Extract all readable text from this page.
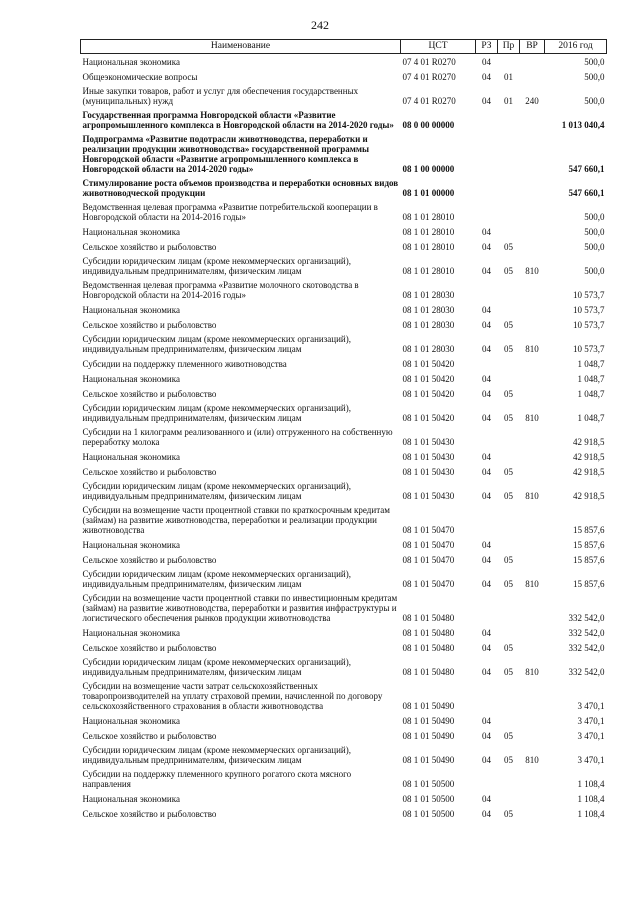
242
Наименование	ЦСТ	РЗ	Пр	ВР	2016 год
Национальная экономика	07 4 01 R0270	04			500,0
Общеэкономические вопросы	07 4 01 R0270	04	01		500,0
Иные закупки товаров, работ и услуг для обеспечения государственных (муниципальных) нужд	07 4 01 R0270	04	01	240	500,0
Государственная программа Новгородской области «Развитие агропромышленного комплекса в Новгородской области на 2014-2020 годы»	08 0 00 00000				1 013 040,4
Подпрограмма «Развитие подотрасли животноводства, переработки и реализации продукции животноводства» государственной программы Новгородской области «Развитие агропромышленного комплекса в Новгородской области на 2014-2020 годы»	08 1 00 00000				547 660,1
Стимулирование роста объемов производства и переработки основных видов животноводческой продукции	08 1 01 00000				547 660,1
Ведомственная целевая программа «Развитие потребительской кооперации в Новгородской области на 2014-2016 годы»	08 1 01 28010				500,0
Национальная экономика	08 1 01 28010	04			500,0
Сельское хозяйство и рыболовство	08 1 01 28010	04	05		500,0
Субсидии юридическим лицам (кроме некоммерческих организаций), индивидуальным предпринимателям, физическим лицам	08 1 01 28010	04	05	810	500,0
Ведомственная целевая программа «Развитие молочного скотоводства в Новгородской области на 2014-2016 годы»	08 1 01 28030				10 573,7
Национальная экономика	08 1 01 28030	04			10 573,7
Сельское хозяйство и рыболовство	08 1 01 28030	04	05		10 573,7
Субсидии юридическим лицам (кроме некоммерческих организаций), индивидуальным предпринимателям, физическим лицам	08 1 01 28030	04	05	810	10 573,7
Субсидии на поддержку племенного животноводства	08 1 01 50420				1 048,7
Национальная экономика	08 1 01 50420	04			1 048,7
Сельское хозяйство и рыболовство	08 1 01 50420	04	05		1 048,7
Субсидии юридическим лицам (кроме некоммерческих организаций), индивидуальным предпринимателям, физическим лицам	08 1 01 50420	04	05	810	1 048,7
Субсидии на 1 килограмм реализованного и (или) отгруженного на собственную переработку молока	08 1 01 50430				42 918,5
Национальная экономика	08 1 01 50430	04			42 918,5
Сельское хозяйство и рыболовство	08 1 01 50430	04	05		42 918,5
Субсидии юридическим лицам (кроме некоммерческих организаций), индивидуальным предпринимателям, физическим лицам	08 1 01 50430	04	05	810	42 918,5
Субсидии на возмещение части процентной ставки по краткосрочным кредитам (займам) на развитие животноводства, переработки и реализации продукции животноводства	08 1 01 50470				15 857,6
Национальная экономика	08 1 01 50470	04			15 857,6
Сельское хозяйство и рыболовство	08 1 01 50470	04	05		15 857,6
Субсидии юридическим лицам (кроме некоммерческих организаций), индивидуальным предпринимателям, физическим лицам	08 1 01 50470	04	05	810	15 857,6
Субсидии на возмещение части процентной ставки по инвестиционным кредитам (займам) на развитие животноводства, переработки и развития инфраструктуры и логистического обеспечения рынков продукции животноводства	08 1 01 50480				332 542,0
Национальная экономика	08 1 01 50480	04			332 542,0
Сельское хозяйство и рыболовство	08 1 01 50480	04	05		332 542,0
Субсидии юридическим лицам (кроме некоммерческих организаций), индивидуальным предпринимателям, физическим лицам	08 1 01 50480	04	05	810	332 542,0
Субсидии на возмещение части затрат сельскохозяйственных товаропроизводителей на уплату страховой премии, начисленной по договору сельскохозяйственного страхования в области животноводства	08 1 01 50490				3 470,1
Национальная экономика	08 1 01 50490	04			3 470,1
Сельское хозяйство и рыболовство	08 1 01 50490	04	05		3 470,1
Субсидии юридическим лицам (кроме некоммерческих организаций), индивидуальным предпринимателям, физическим лицам	08 1 01 50490	04	05	810	3 470,1
Субсидии на поддержку племенного крупного рогатого скота мясного направления	08 1 01 50500				1 108,4
Национальная экономика	08 1 01 50500	04			1 108,4
Сельское хозяйство и рыболовство	08 1 01 50500	04	05		1 108,4
